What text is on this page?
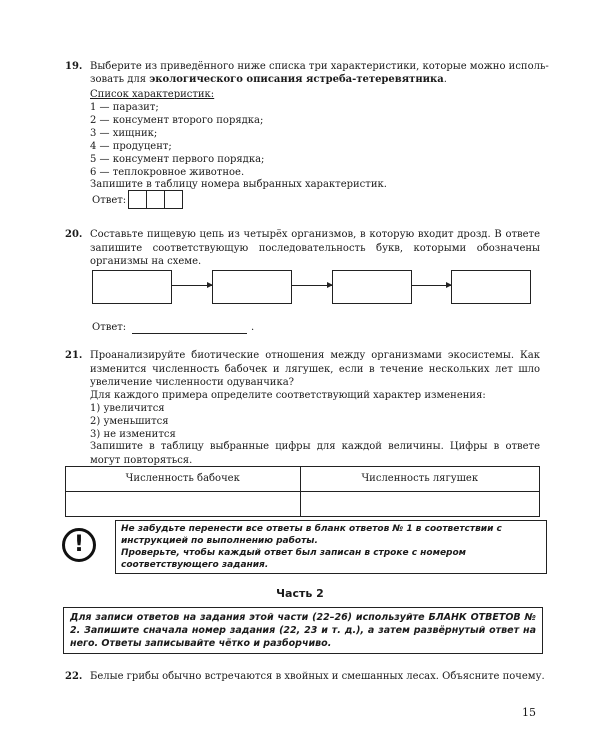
19. Выберите из приведённого ниже списка три характеристики, которые можно исполь-
зовать для экологического описания ястреба-тетеревятника.
Список характеристик:
1 — паразит;
2 — консумент второго порядка;
3 — хищник;
4 — продуцент;
5 — консумент первого порядка;
6 — теплокровное животное.
Запишите в таблицу номера выбранных характеристик.
Ответ:
20. Составьте пищевую цепь из четырёх организмов, в которую входит дрозд. В ответе запишите соответствующую последовательность букв, которыми обозначены организмы на схеме.
Ответ:	.
21. Проанализируйте биотические отношения между организмами экосистемы. Как изменится численность бабочек и лягушек, если в течение нескольких лет шло увеличение численности одуванчика?
Для каждого примера определите соответствующий характер изменения:
1) увеличится
2) уменьшится
3) не изменится
Запишите в таблицу выбранные цифры для каждой величины. Цифры в ответе могут повторяться.
Численность бабочек	Численность лягушек

!
Не забудьте перенести все ответы в бланк ответов № 1 в соответствии с инструкцией по выполнению работы.
Проверьте, чтобы каждый ответ был записан в строке с номером соответствующего задания.
Часть 2
Для записи ответов на задания этой части (22–26) используйте БЛАНК ОТВЕТОВ № 2. Запишите сначала номер задания (22, 23 и т. д.), а затем развёрнутый ответ на него. Ответы записывайте чётко и разборчиво.
22. Белые грибы обычно встречаются в хвойных и смешанных лесах. Объясните почему.
15
